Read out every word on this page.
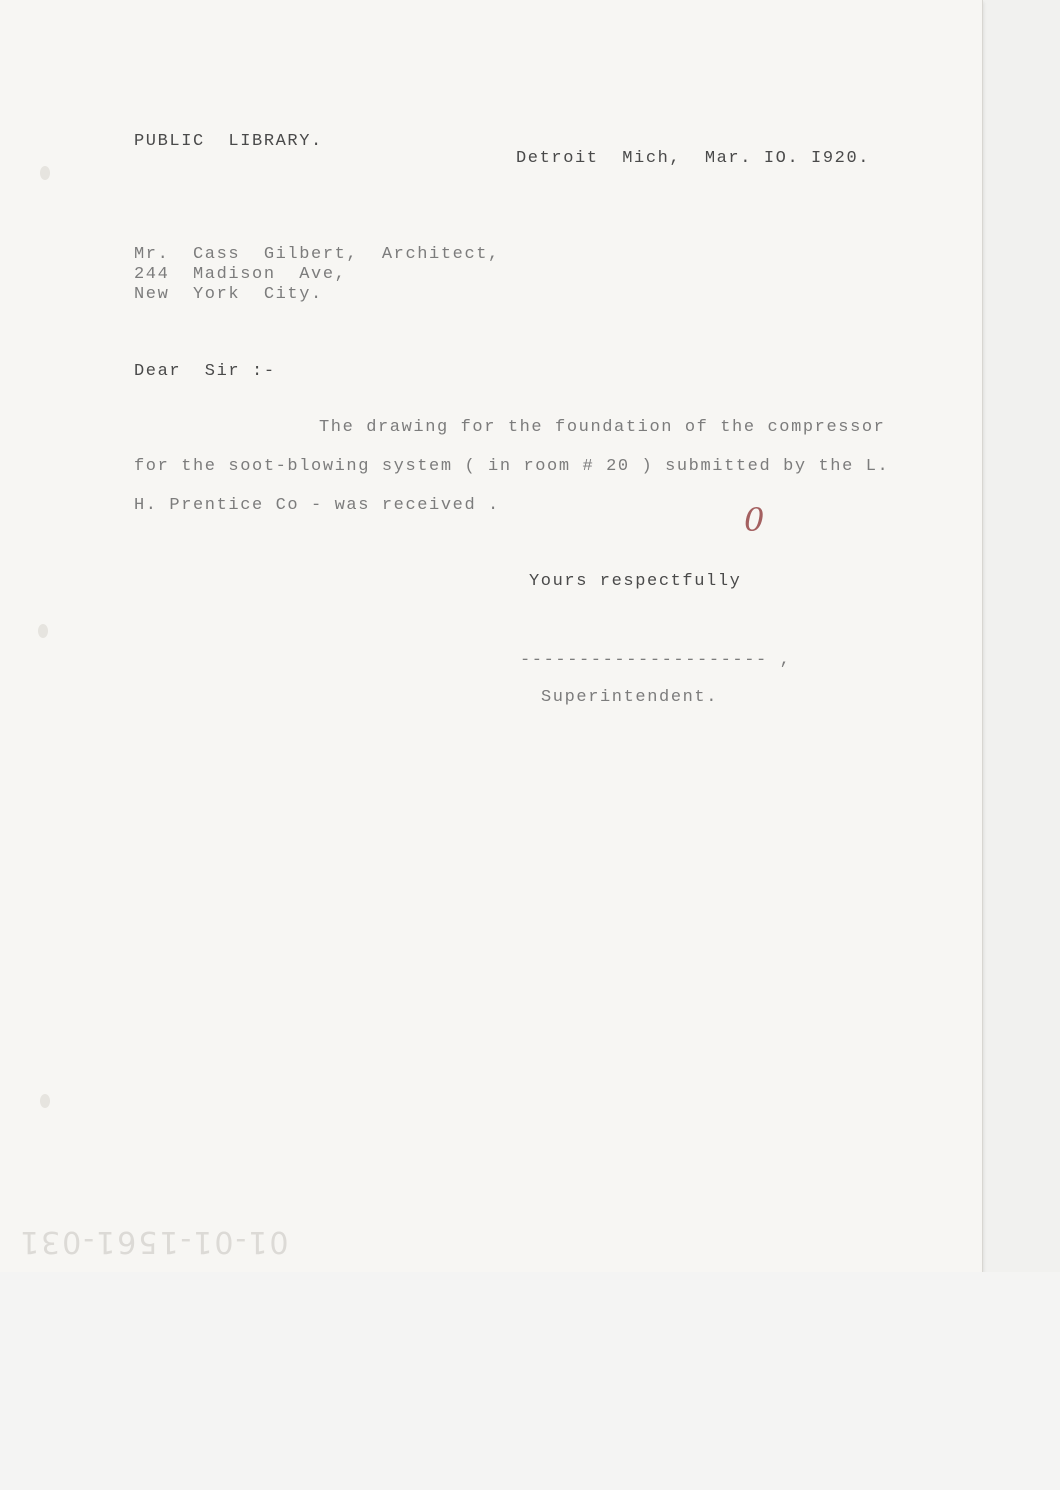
PUBLIC  LIBRARY.
Detroit  Mich,  Mar. IO. I920.
Mr.  Cass  Gilbert,  Architect,
244  Madison  Ave,
New  York  City.
Dear  Sir :-
The drawing for the foundation of the compressor
for the soot-blowing system ( in room # 20 ) submitted by the L.
H. Prentice Co - was received .	0
Yours respectfully
--------------------- ,
Superintendent.
01-01-1561-031
